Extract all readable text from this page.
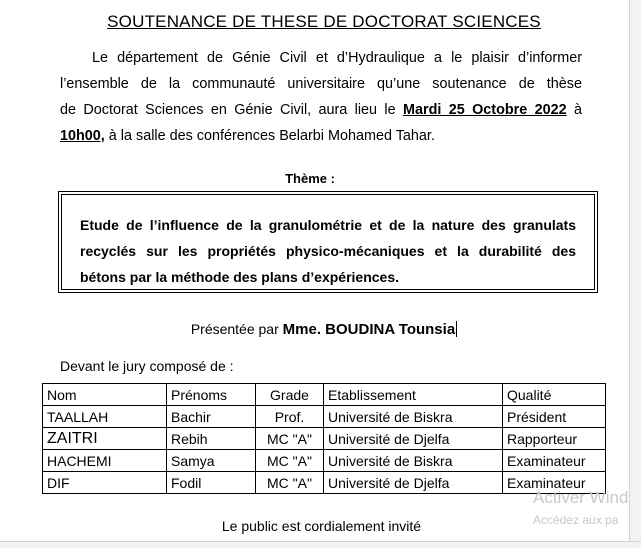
SOUTENANCE DE THESE DE DOCTORAT SCIENCES
Le département de Génie Civil et d’Hydraulique a le plaisir d’informer
l’ensemble de la communauté universitaire qu’une soutenance de thèse
de Doctorat Sciences en Génie Civil, aura lieu le Mardi 25 Octobre 2022 à
10h00, à la salle des conférences Belarbi Mohamed Tahar.
Thème :
Etude de l’influence de la granulométrie et de la nature des granulats recyclés sur les propriétés physico-mécaniques et la durabilité des bétons par la méthode des plans d’expériences.
Présentée par Mme. BOUDINA Tounsia
Devant le jury composé de :
Nom	Prénoms	Grade	Etablissement	Qualité
TAALLAH	Bachir	Prof.	Université de Biskra	Président
ZAITRI	Rebih	MC "A"	Université de Djelfa	Rapporteur
HACHEMI	Samya	MC "A"	Université de Biskra	Examinateur
DIF	Fodil	MC "A"	Université de Djelfa	Examinateur
Le public est cordialement invité
Activer Wind
Accédez aux pa
